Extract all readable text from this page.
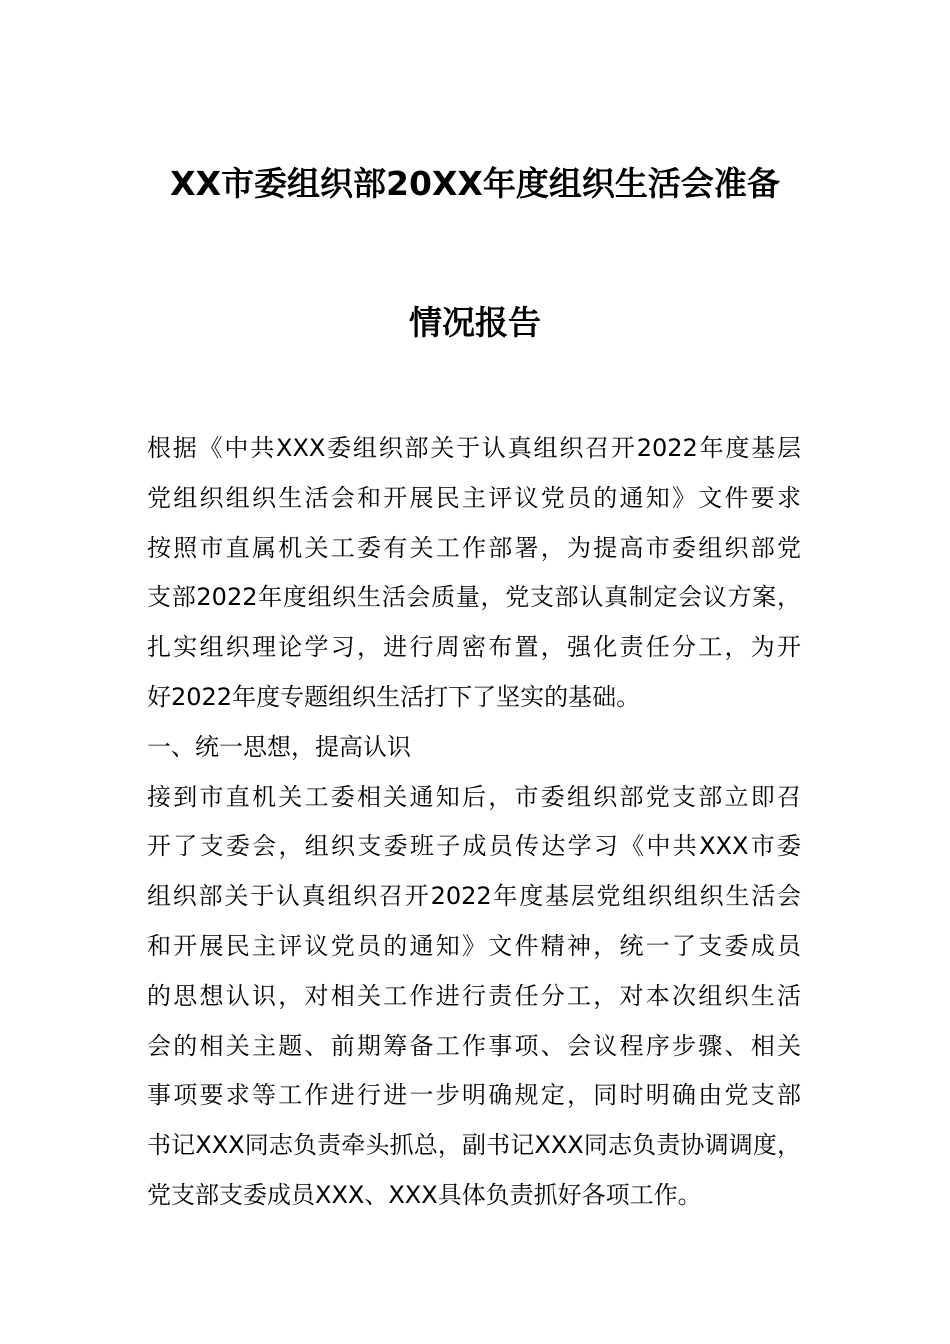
XX市委组织部20XX年度组织生活会准备
情况报告
根据《中共XXX委组织部关于认真组织召开2022年度基层
党组织组织生活会和开展民主评议党员的通知》文件要求
按照市直属机关工委有关工作部署，为提高市委组织部党
支部2022年度组织生活会质量，党支部认真制定会议方案，
扎实组织理论学习，进行周密布置，强化责任分工，为开
好2022年度专题组织生活打下了坚实的基础。
一、统一思想，提高认识
接到市直机关工委相关通知后，市委组织部党支部立即召
开了支委会，组织支委班子成员传达学习《中共XXX市委
组织部关于认真组织召开2022年度基层党组织组织生活会
和开展民主评议党员的通知》文件精神，统一了支委成员
的思想认识，对相关工作进行责任分工，对本次组织生活
会的相关主题、前期筹备工作事项、会议程序步骤、相关
事项要求等工作进行进一步明确规定，同时明确由党支部
书记XXX同志负责牵头抓总，副书记XXX同志负责协调调度，
党支部支委成员XXX、XXX具体负责抓好各项工作。
